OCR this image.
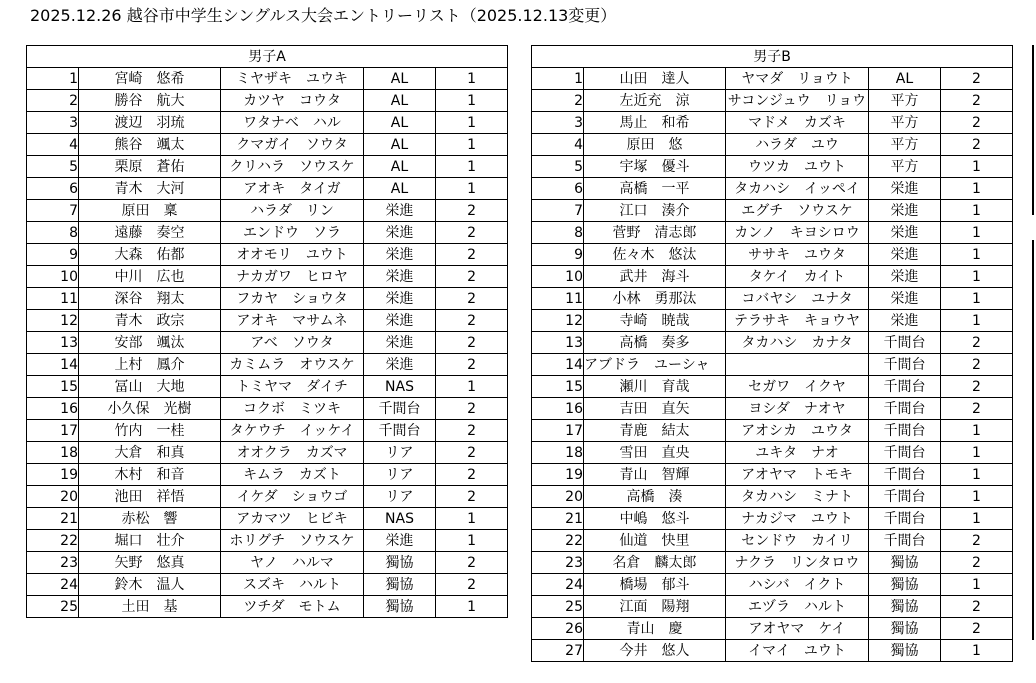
2025.12.26 越谷市中学生シングルス大会エントリーリスト（2025.12.13変更）
男子A				
1	宮崎　悠希	ミヤザキ　ユウキ	AL	1
2	勝谷　航大	カツヤ　コウタ	AL	1
3	渡辺　羽琉	ワタナベ　ハル	AL	1
4	熊谷　颯太	クマガイ　ソウタ	AL	1
5	栗原　蒼佑	クリハラ　ソウスケ	AL	1
6	青木　大河	アオキ　タイガ	AL	1
7	原田　稟	ハラダ　リン	栄進	2
8	遠藤　奏空	エンドウ　ソラ	栄進	2
9	大森　佑都	オオモリ　ユウト	栄進	2
10	中川　広也	ナカガワ　ヒロヤ	栄進	2
11	深谷　翔太	フカヤ　ショウタ	栄進	2
12	青木　政宗	アオキ　マサムネ	栄進	2
13	安部　颯汰	アベ　ソウタ	栄進	2
14	上村　鳳介	カミムラ　オウスケ	栄進	2
15	冨山　大地	トミヤマ　ダイチ	NAS	1
16	小久保　光樹	コクボ　ミツキ	千間台	2
17	竹内　一桂	タケウチ　イッケイ	千間台	2
18	大倉　和真	オオクラ　カズマ	リア	2
19	木村　和音	キムラ　カズト	リア	2
20	池田　祥悟	イケダ　ショウゴ	リア	2
21	赤松　響	アカマツ　ヒビキ	NAS	1
22	堀口　壮介	ホリグチ　ソウスケ	栄進	1
23	矢野　悠真	ヤノ　ハルマ	獨協	2
24	鈴木　温人	スズキ　ハルト	獨協	2
25	土田　基	ツチダ　モトム	獨協	1
男子B				
1	山田　達人	ヤマダ　リョウト	AL	2
2	左近充　涼	サコンジュウ　リョウ	平方	2
3	馬止　和希	マドメ　カズキ	平方	2
4	原田　悠	ハラダ　ユウ	平方	2
5	宇塚　優斗	ウツカ　ユウト	平方	1
6	高橋　一平	タカハシ　イッペイ	栄進	1
7	江口　湊介	エグチ　ソウスケ	栄進	1
8	菅野　清志郎	カンノ　キヨシロウ	栄進	1
9	佐々木　悠汰	ササキ　ユウタ	栄進	1
10	武井　海斗	タケイ　カイト	栄進	1
11	小林　勇那汰	コバヤシ　ユナタ	栄進	1
12	寺崎　暁哉	テラサキ　キョウヤ	栄進	1
13	高橋　奏多	タカハシ　カナタ	千間台	2
14	アブドラ　ユーシャ		千間台	2
15	瀬川　育哉	セガワ　イクヤ	千間台	2
16	吉田　直矢	ヨシダ　ナオヤ	千間台	2
17	青鹿　結太	アオシカ　ユウタ	千間台	1
18	雪田　直央	ユキタ　ナオ	千間台	1
19	青山　智輝	アオヤマ　トモキ	千間台	1
20	高橋　湊	タカハシ　ミナト	千間台	1
21	中嶋　悠斗	ナカジマ　ユウト	千間台	1
22	仙道　快里	センドウ　カイリ	千間台	2
23	名倉　麟太郎	ナクラ　リンタロウ	獨協	2
24	橋場　郁斗	ハシバ　イクト	獨協	1
25	江面　陽翔	エヅラ　ハルト	獨協	2
26	青山　慶	アオヤマ　ケイ	獨協	2
27	今井　悠人	イマイ　ユウト	獨協	1
